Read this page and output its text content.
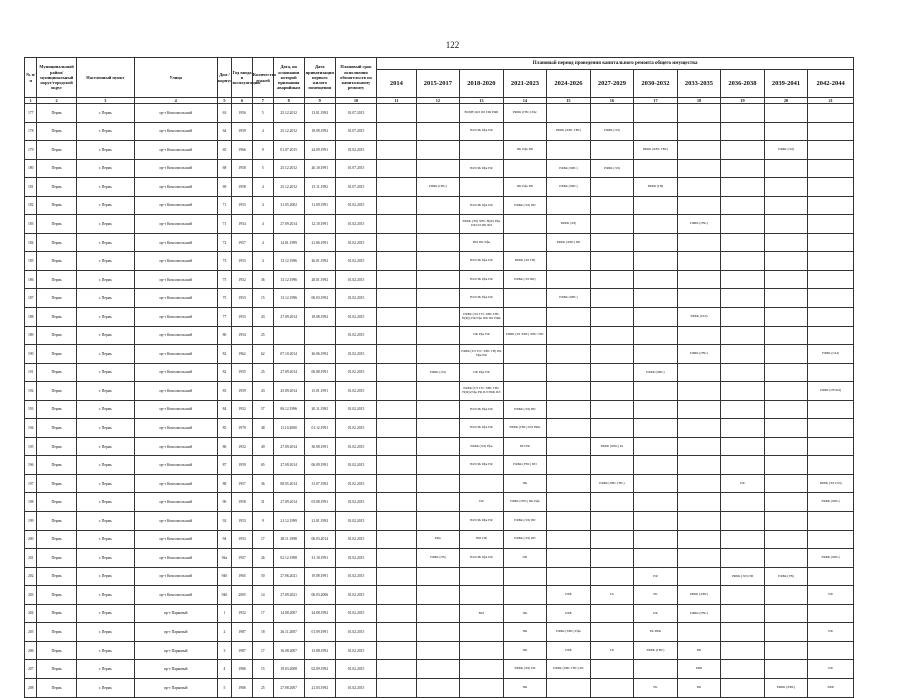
122
№ п/п	Муниципальный район/муниципальный округ/городской округ	Населенный пункт	Улица	Дом / корпус	Год ввода в эксплуатацию	Количество этажей	Дата, на основании которой признания аварийным	Дата приватизации первого жилого помещения	Плановый срок исполнения обязательств по капитальному ремонту	Плановый период проведения капитального ремонта общего имущества										
										2014	2015-2017	2018-2020	2021-2023	2024-2026	2027-2029	2030-2032	2033-2035	2036-2038	2039-2041	2042-2044
1	2	3	4	5	6	7	8	9	10	11	12	13	14	15	16	17	18	19	20	21
177	Пермь	г. Пермь	пр-т Комсомольский	63	1956	5	25.12.2012	13.01.1992	01.07.2015			ЮЛ(Н) ФЛ ПЛ ПФ РФБ	РФБК (ГВС) Рфс							
178	Пермь	г. Пермь	пр-т Комсомольский	64	1959	4	25.12.2012	18.09.1992	01.07.2015			ЮЛ ПК Рфк РФ		РФБК (ХВС ГВС)	РФБК (ЭЛ)					
179	Пермь	г. Пермь	пр-т Комсомольский	65	1966	9	01.07.2015	24.09.1991	01.02.2015				ПК Рфк РФ			РФБК (ХВС ГВС)			РФБК (ЭЛ)	
180	Пермь	г. Пермь	пр-т Комсомольский	68	1958	5	25.12.2012	26.10.1991	01.07.2015			ЮЛ ПК Рфк РФ		РФБК (ХВС)	РФБК (ЭЛ)					
181	Пермь	г. Пермь	пр-т Комсомольский	69	1958	4	25.12.2012	15.11.1992	01.07.2015		РФБК (ГВС)		ПК Рфк РФ	РФБК (ХВС)		РФБК (ГВ)				
182	Пермь	г. Пермь	пр-т Комсомольский	71	1953	4	31.05.2002	11.09.1991	01.02.2015			ЮЛ ПК Рфк РФ	РФБК (ЭЛ) ПП							
183	Пермь	г. Пермь	пр-т Комсомольский	71	1954	4	27.09.2014	12.10.1991	01.02.2015			РФБК (ЭЛ) ХВС Н(Ф) Рфк РФ ПЛ ПК ФЛ		РФБК (ЭЛ)			РФБК (ГВС)			
184	Пермь	г. Пермь	пр-т Комсомольский	72	1957	4	14.01.1999	21.06.1991	01.02.2015			ЮЛ ПК Рфк		РФБК (ХВС) РФ						
185	Пермь	г. Пермь	пр-т Комсомольский	73	1953	4	13.12.1996	26.01.1992	01.02.2015			ЮЛ ПК Рфк РФ	РФБК (ЭЛ ГВ)							
186	Пермь	г. Пермь	пр-т Комсомольский	75	1952	36	13.12.1996	28.01.1992	01.02.2015			ЮЛ ПК Рфк РФ	РФБК (ЭЛ ПП)							
187	Пермь	г. Пермь	пр-т Комсомольский	75	1953	15	13.12.1996	06.03.1992	01.02.2015			ЮЛ ПК Рфк РФ		РФБК (ХВС)						
188	Пермь	г. Пермь	пр-т Комсомольский	77	1953	43	27.09.2014	18.08.1992	01.02.2015			РФБК (ЭЛ ТГС ХВС ГВС Н(Ф)) РФ Рфк ПФ ПЛ РФК					РФБК (ГАЗ)			
189	Пермь	г. Пермь	пр-т Комсомольский	80	1954	25			01.02.2015			ПК Рфк РФ	РФБК (ТЛ ХВС) ХВС ГВС							
190	Пермь	г. Пермь	пр-т Комсомольский	82	1962	62	07.10.2014	26.06.1992	01.02.2015			РФБК (ТЛ ТГС ХВС ГВ) ПК Рфк РФ					РФБК (ГВС)			РФБК (ГАЗ)
191	Пермь	г. Пермь	пр-т Комсомольский	82	1955	25	27.09.2014	06.08.1991	01.02.2015		РФБК (ЭЛ)	ПК Рфк РФ				РФБК (ХВС)				
192	Пермь	г. Пермь	пр-т Комсомольский	83	1959	43	25.09.2014	15.01.1991	01.02.2015			РФБК (ТЛ ТГС ХВС ГВС Н(Ф)) Рфк РФ ПЛ РФК ПЛ								РФБК (ГВ ФЛ)
193	Пермь	г. Пермь	пр-т Комсомольский	84	1952	57	06.12.1996	20.11.1992	01.02.2015			ЮЛ ПК Рфк РФ	РФБК (ЭЛ) ПП							
194	Пермь	г. Пермь	пр-т Комсомольский	85	1979	48	11.10.2000	01.12.1991	01.02.2015			ЮЛ ПК Рфк РФ	РФБК (ГВС) ПП РФК							
195	Пермь	г. Пермь	пр-т Комсомольский	86	1952	49	27.09.2014	30.08.1991	01.02.2015			РФБК (ЭЛ) Рфк	ПП РФ		РФБК (ХВС) Рк					
196	Пермь	г. Пермь	пр-т Комсомольский	87	1959	65	27.09.2014	06.09.1991	01.02.2015			ЮЛ ПК Рфк РФ	РФБК (ГВС) ПП							
197	Пермь	г. Пермь	пр-т Комсомольский	88	1957	36	08.05.2014	31.07.1992	01.02.2015				ПК		РФБК (ХВС ГВС)			РФ		РФБК (ЭЛ ГАЗ)
198	Пермь	г. Пермь	пр-т Комсомольский	90	1958	31	27.09.2014	03.08.1991	01.02.2015			РФ	РФБК (ГВС) ПК Рфк							РФБК (ХВС)
199	Пермь	г. Пермь	пр-т Комсомольский	92	1953	9	21.12.1999	21.01.1992	01.02.2015			ЮЛ ПК Рфк РФ	РФБК (ЭЛ) ПП							
200	Пермь	г. Пермь	пр-т Комсомольский	94	1953	17	28.11.1998	06.03.2014	01.02.2015		РФк	ЮЛ ПК	РФБК (ЭЛ) ПП							
201	Пермь	г. Пермь	пр-т Комсомольский	94а	1957	26	02.12.1998	31.10.1991	01.02.2015		РФБК (ГВ)	ЮЛ ПК Рфк РФ	ПП							РФБК (ХВС)
202	Пермь	г. Пермь	пр-т Комсомольский	94б	1965	50	27.06.2021	19.08.1991	01.02.2015							РФ		РФБК (ЭЛ) ПП	РФБК (ГВ)	
203	Пермь	г. Пермь	пр-т Комсомольский	94б	2005	14	27.09.2021	06.03.2006	01.02.2015					РФБ	ГА	РК	РФБК (ХВС)			РФ
204	Пермь	г. Пермь	пр-т Парковый	1	1952	17	14.08.2007	24.08.1992	01.02.2015			ЮЛ	ПК	РФБ		РФ	РФБК (ГВС)			
205	Пермь	г. Пермь	пр-т Парковый	2	1987	18	26.11.2007	01.09.1991	01.02.2015				ПК	РФБК (ХВС) Рфк		РК РФК				РФ
206	Пермь	г. Пермь	пр-т Парковый	3	1987	17	16.08.2007	13.08.1992	01.02.2015				ПК	РФБ	ГК	РФБК (ГВС)	РФ			
207	Пермь	г. Пермь	пр-т Парковый	4	1986	15	19.03.2008	02.09.1992	01.02.2015				РФБК (ЭЛ) РФ	РФБК (ХВС ГВС) РК			РФБ			РФ
208	Пермь	г. Пермь	пр-т Парковый	5	1986	25	27.08.2007	21.03.1992	01.02.2015				ПК			РК	РФ		РФБК (ХВС)	РФБ
